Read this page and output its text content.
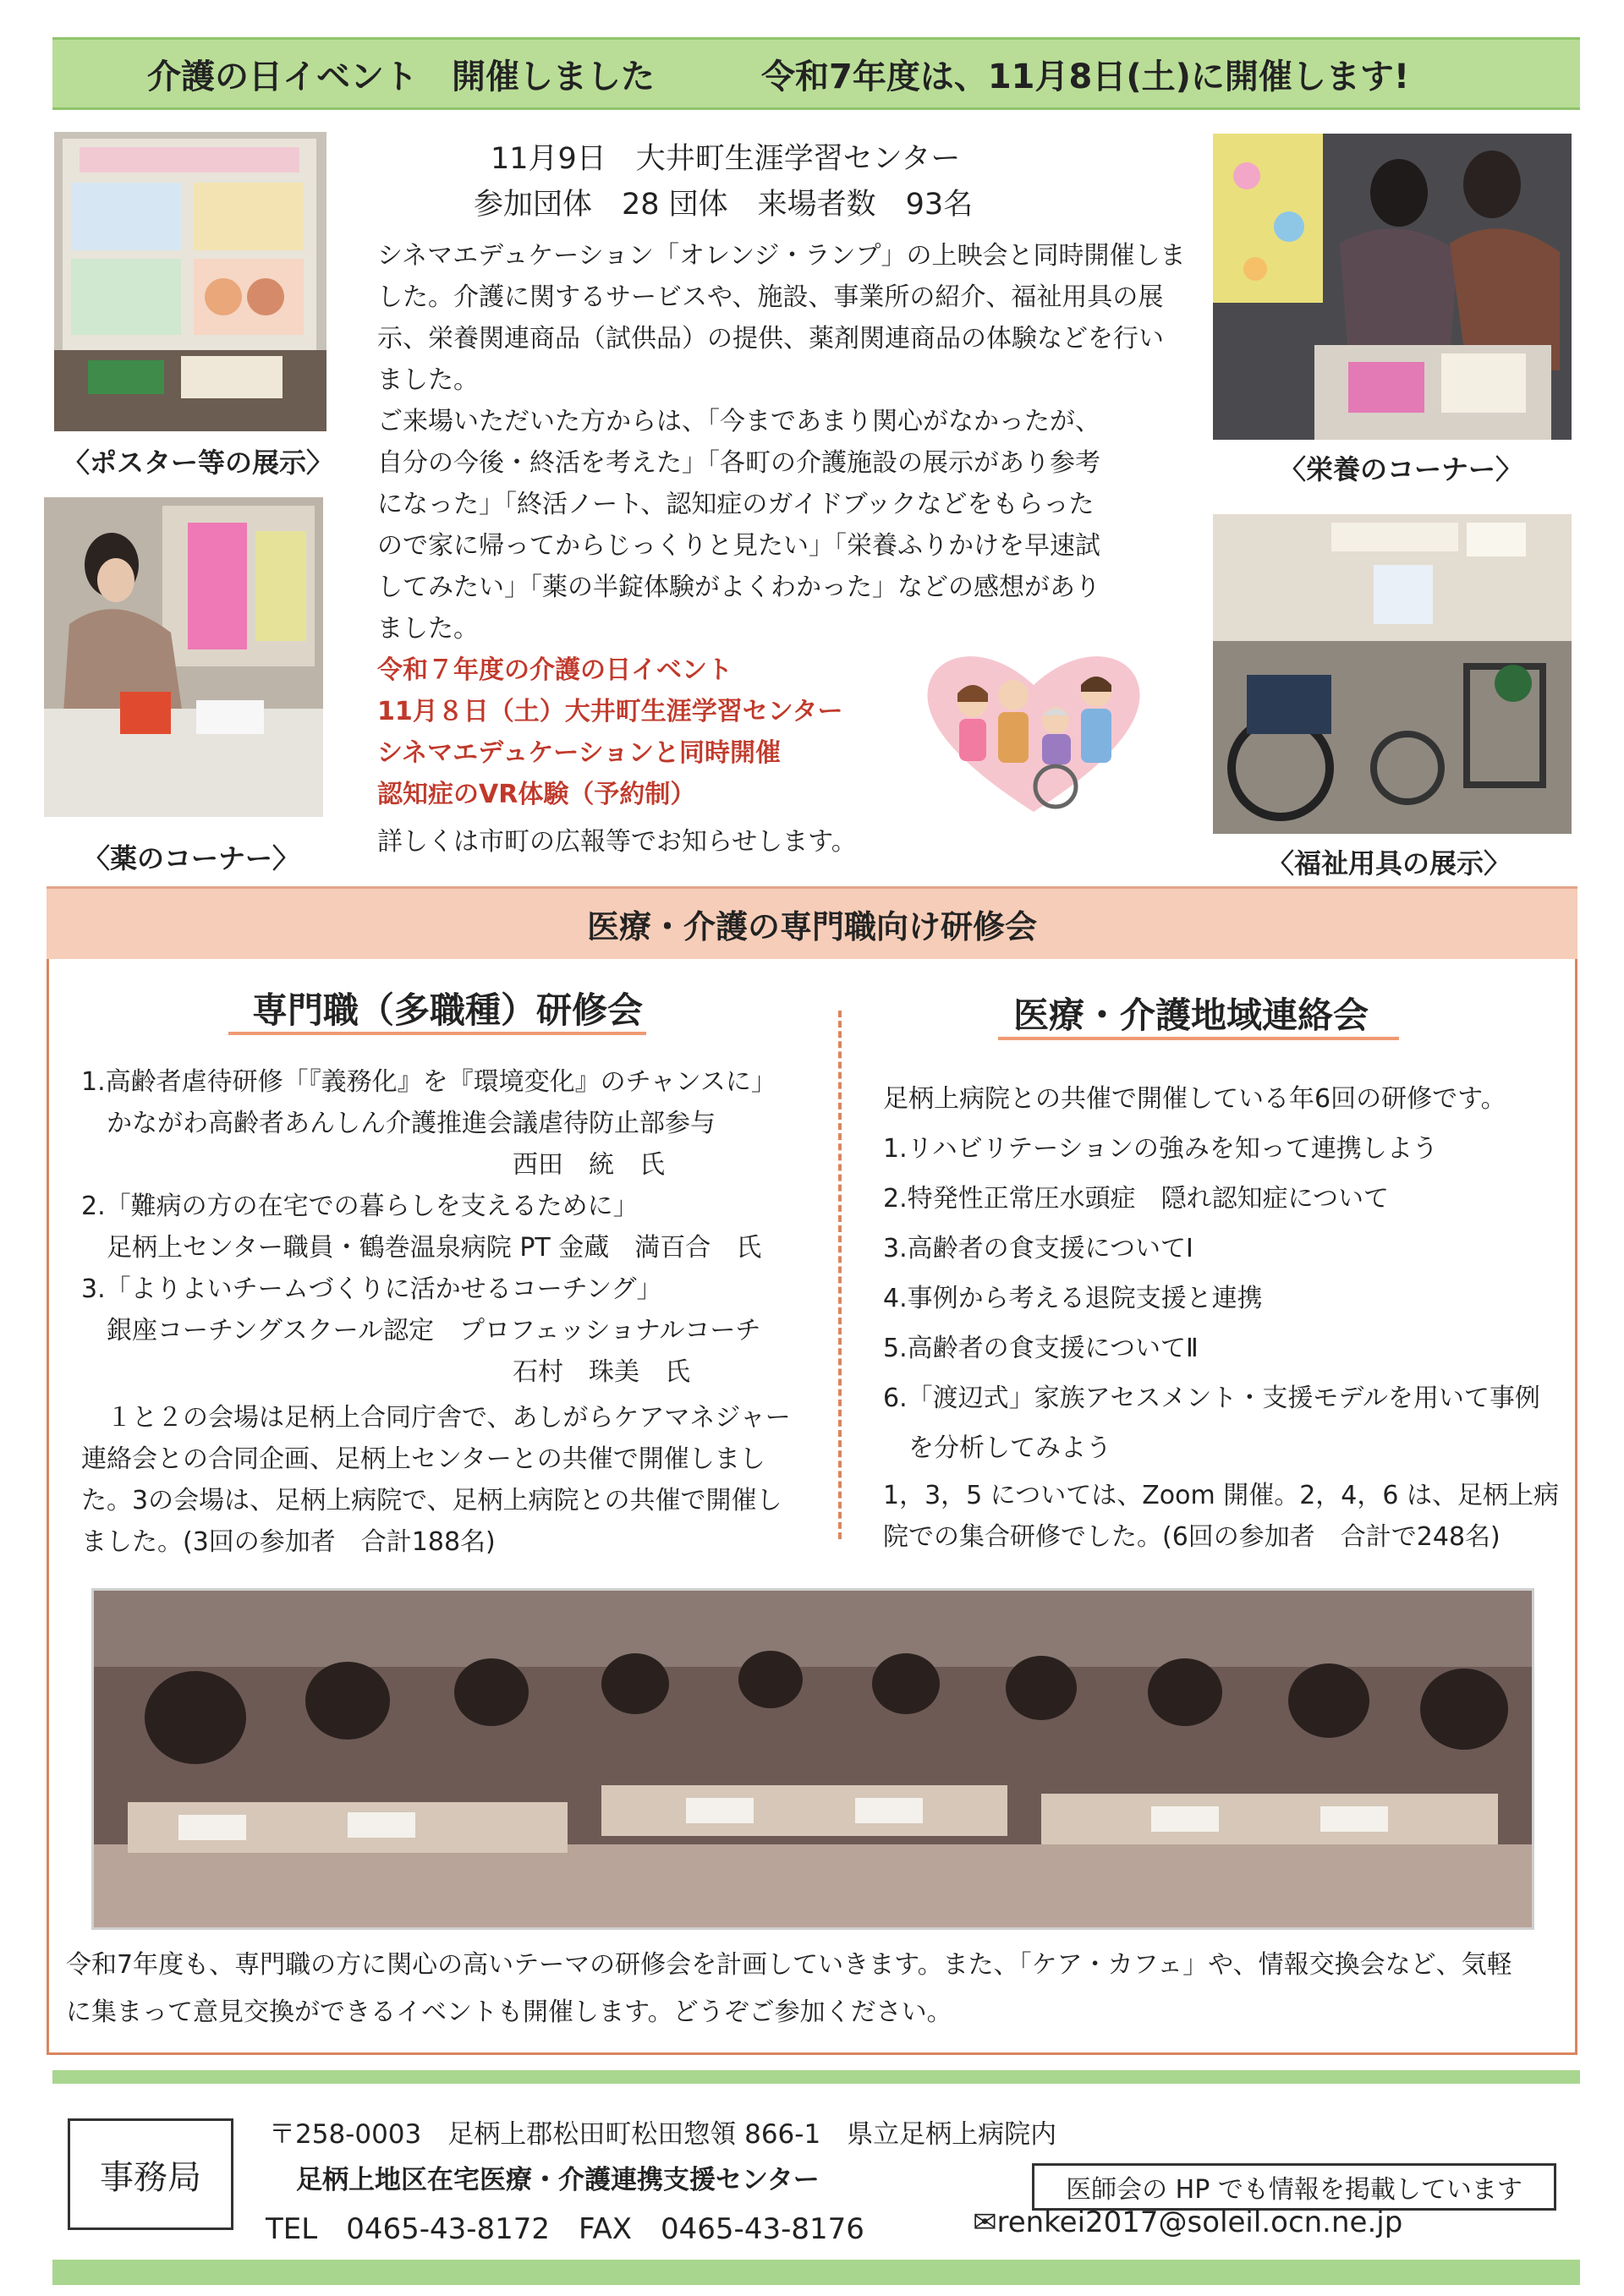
介護の日イベント　開催しました	令和7年度は、11月8日(土)に開催します!
〈ポスター等の展示〉
〈薬のコーナー〉
〈栄養のコーナー〉
〈福祉用具の展示〉
11月9日　大井町生涯学習センター
参加団体　28 団体　来場者数　93名
シネマエデュケーション「オレンジ・ランプ」の上映会と同時開催しま
した。介護に関するサービスや、施設、事業所の紹介、福祉用具の展
示、栄養関連商品（試供品）の提供、薬剤関連商品の体験などを行い
ました。
ご来場いただいた方からは、「今まであまり関心がなかったが、
自分の今後・終活を考えた」「各町の介護施設の展示があり参考
になった」「終活ノート、認知症のガイドブックなどをもらった
ので家に帰ってからじっくりと見たい」「栄養ふりかけを早速試
してみたい」「薬の半錠体験がよくわかった」などの感想があり
ました。
令和７年度の介護の日イベント
11月８日（土）大井町生涯学習センター
シネマエデュケーションと同時開催
認知症のVR体験（予約制）
詳しくは市町の広報等でお知らせします。
医療・介護の専門職向け研修会
専門職（多職種）研修会	医療・介護地域連絡会
1.高齢者虐待研修「『義務化』を『環境変化』のチャンスに」
　かながわ高齢者あんしん介護推進会議虐待防止部参与
　　　　　　　　　　　　　　　　　西田　統　氏
2.「難病の方の在宅での暮らしを支えるために」
　足柄上センター職員・鶴巻温泉病院 PT 金蔵　満百合　氏
3.「よりよいチームづくりに活かせるコーチング」
　銀座コーチングスクール認定　プロフェッショナルコーチ
　　　　　　　　　　　　　　　　　石村　珠美　氏
　１と２の会場は足柄上合同庁舎で、あしがらケアマネジャー
連絡会との合同企画、足柄上センターとの共催で開催しまし
た。3の会場は、足柄上病院で、足柄上病院との共催で開催し
ました。(3回の参加者　合計188名)
足柄上病院との共催で開催している年6回の研修です。
1.リハビリテーションの強みを知って連携しよう
2.特発性正常圧水頭症　隠れ認知症について
3.高齢者の食支援についてⅠ
4.事例から考える退院支援と連携
5.高齢者の食支援についてⅡ
6.「渡辺式」家族アセスメント・支援モデルを用いて事例
　を分析してみよう
1，3，5 については、Zoom 開催。2，4，6 は、足柄上病
院での集合研修でした。(6回の参加者　合計で248名)
令和7年度も、専門職の方に関心の高いテーマの研修会を計画していきます。また、「ケア・カフェ」や、情報交換会など、気軽
に集まって意見交換ができるイベントも開催します。どうぞご参加ください。
事務局
〒258-0003　足柄上郡松田町松田惣領 866-1　県立足柄上病院内
足柄上地区在宅医療・介護連携支援センター	医師会の HP でも情報を掲載しています
TEL　0465-43-8172　FAX　0465-43-8176	✉renkei2017@soleil.ocn.ne.jp
